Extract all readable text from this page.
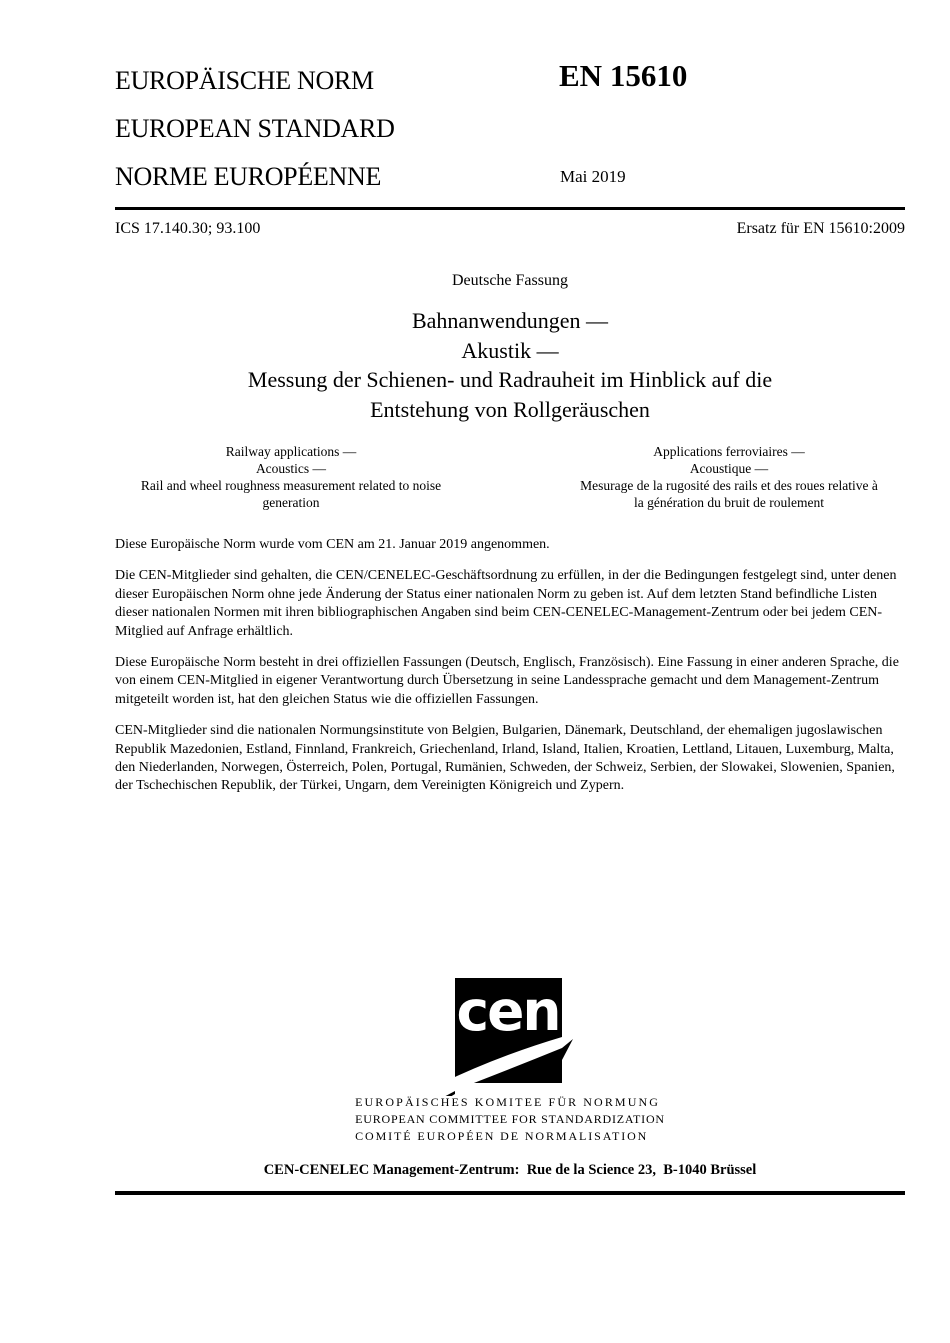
EUROPÄISCHE NORM
EUROPEAN STANDARD
NORME EUROPÉENNE
EN 15610
Mai 2019
ICS 17.140.30; 93.100	Ersatz für EN 15610:2009
Deutsche Fassung
Bahnanwendungen —
Akustik —
Messung der Schienen- und Radrauheit im Hinblick auf die
Entstehung von Rollgeräuschen
Railway applications —
Acoustics —
Rail and wheel roughness measurement related to noise
generation
Applications ferroviaires —
Acoustique —
Mesurage de la rugosité des rails et des roues relative à
la génération du bruit de roulement

Diese Europäische Norm wurde vom CEN am 21. Januar 2019 angenommen.

Die CEN-Mitglieder sind gehalten, die CEN/CENELEC-Geschäftsordnung zu erfüllen, in der die Bedingungen festgelegt sind, unter denen dieser Europäischen Norm ohne jede Änderung der Status einer nationalen Norm zu geben ist. Auf dem letzten Stand befindliche Listen dieser nationalen Normen mit ihren bibliographischen Angaben sind beim CEN-CENELEC-Management-Zentrum oder bei jedem CEN-Mitglied auf Anfrage erhältlich.

Diese Europäische Norm besteht in drei offiziellen Fassungen (Deutsch, Englisch, Französisch). Eine Fassung in einer anderen Sprache, die von einem CEN-Mitglied in eigener Verantwortung durch Übersetzung in seine Landessprache gemacht und dem Management-Zentrum mitgeteilt worden ist, hat den gleichen Status wie die offiziellen Fassungen.

CEN-Mitglieder sind die nationalen Normungsinstitute von Belgien, Bulgarien, Dänemark, Deutschland, der ehemaligen jugoslawischen Republik Mazedonien, Estland, Finnland, Frankreich, Griechenland, Irland, Island, Italien, Kroatien, Lettland, Litauen, Luxemburg, Malta, den Niederlanden, Norwegen, Österreich, Polen, Portugal, Rumänien, Schweden, der Schweiz, Serbien, der Slowakei, Slowenien, Spanien, der Tschechischen Republik, der Türkei, Ungarn, dem Vereinigten Königreich und Zypern.

cen
EUROPÄISCHES KOMITEE FÜR NORMUNG
EUROPEAN COMMITTEE FOR STANDARDIZATION
COMITÉ EUROPÉEN DE NORMALISATION
CEN-CENELEC Management-Zentrum:  Rue de la Science 23,  B-1040 Brüssel
